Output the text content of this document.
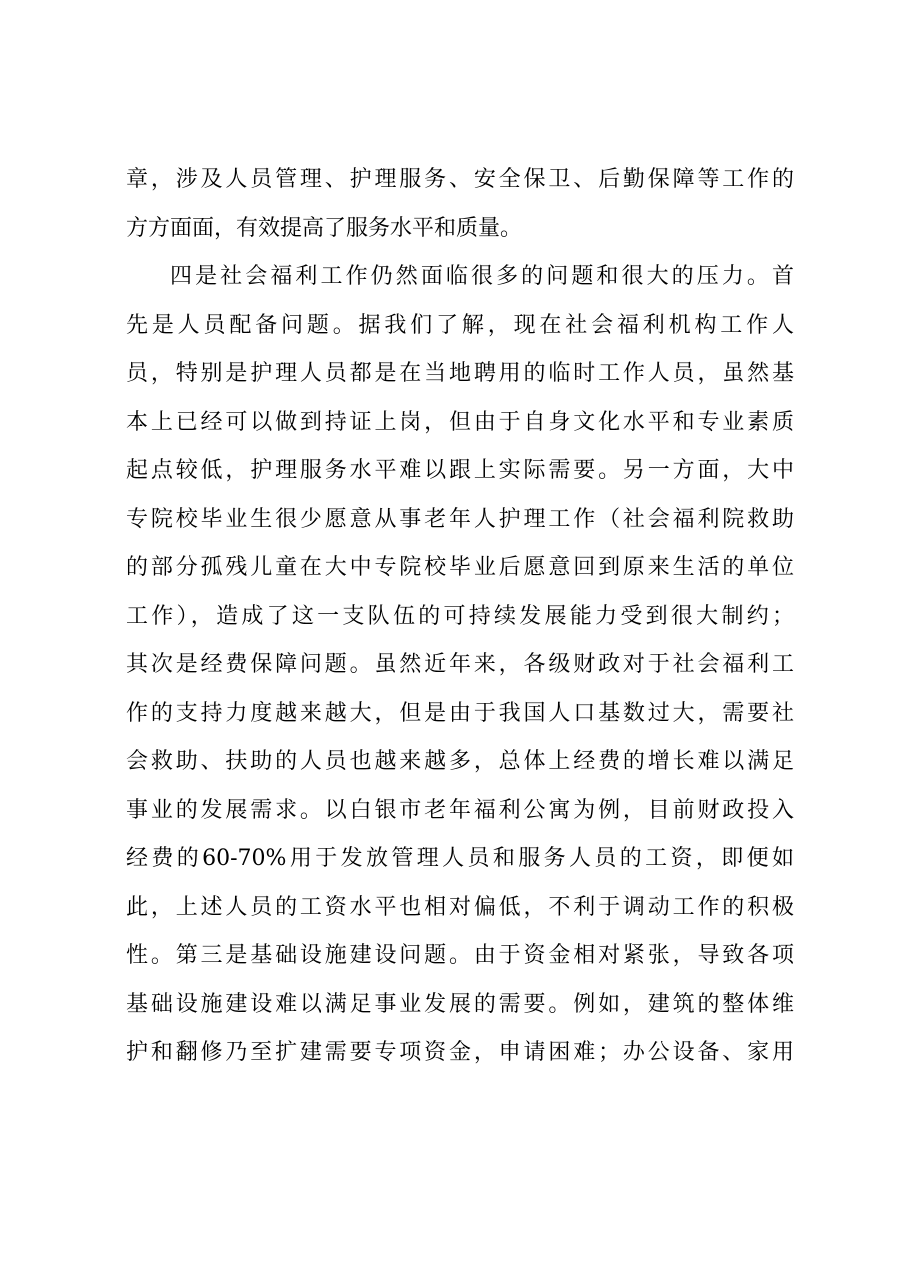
章，涉及人员管理、护理服务、安全保卫、后勤保障等工作的
方方面面，有效提高了服务水平和质量。
四是社会福利工作仍然面临很多的问题和很大的压力。首
先是人员配备问题。据我们了解，现在社会福利机构工作人
员，特别是护理人员都是在当地聘用的临时工作人员，虽然基
本上已经可以做到持证上岗，但由于自身文化水平和专业素质
起点较低，护理服务水平难以跟上实际需要。另一方面，大中
专院校毕业生很少愿意从事老年人护理工作（社会福利院救助
的部分孤残儿童在大中专院校毕业后愿意回到原来生活的单位
工作），造成了这一支队伍的可持续发展能力受到很大制约；
其次是经费保障问题。虽然近年来，各级财政对于社会福利工
作的支持力度越来越大，但是由于我国人口基数过大，需要社
会救助、扶助的人员也越来越多，总体上经费的增长难以满足
事业的发展需求。以白银市老年福利公寓为例，目前财政投入
经费的60-70%用于发放管理人员和服务人员的工资，即便如
此，上述人员的工资水平也相对偏低，不利于调动工作的积极
性。第三是基础设施建设问题。由于资金相对紧张，导致各项
基础设施建设难以满足事业发展的需要。例如，建筑的整体维
护和翻修乃至扩建需要专项资金，申请困难；办公设备、家用
